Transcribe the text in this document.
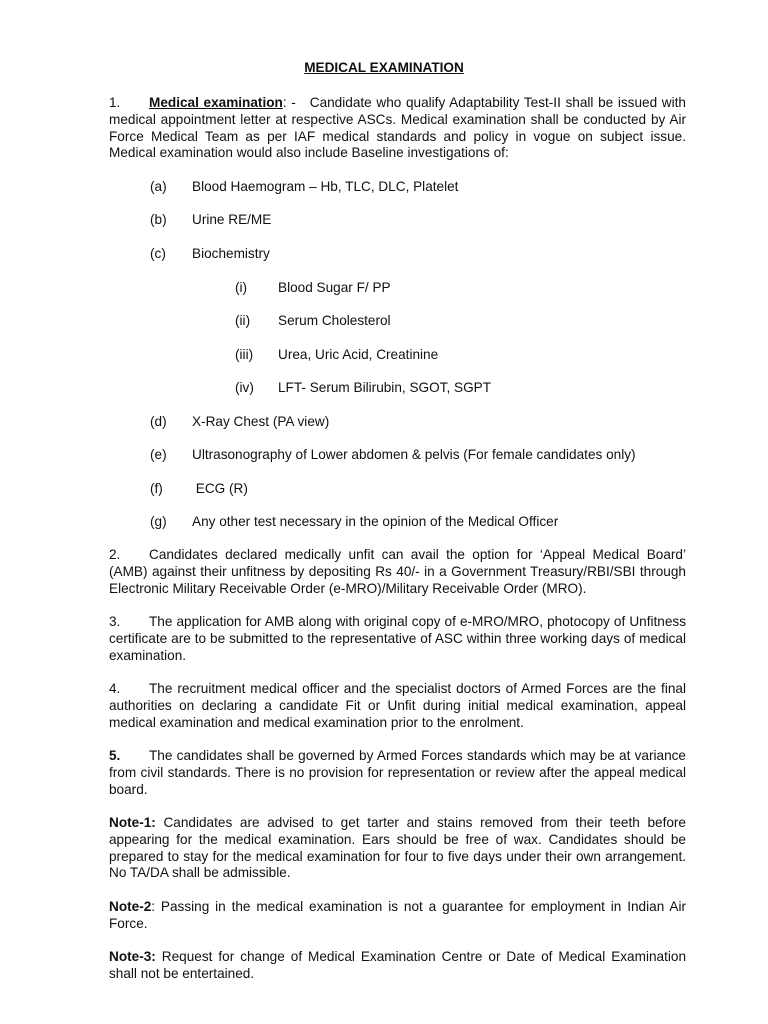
MEDICAL EXAMINATION

1. Medical examination: - Candidate who qualify Adaptability Test-II shall be issued with medical appointment letter at respective ASCs. Medical examination shall be conducted by Air Force Medical Team as per IAF medical standards and policy in vogue on subject issue. Medical examination would also include Baseline investigations of:

(a) Blood Haemogram – Hb, TLC, DLC, Platelet
(b) Urine RE/ME
(c) Biochemistry
(i) Blood Sugar F/ PP
(ii) Serum Cholesterol
(iii) Urea, Uric Acid, Creatinine
(iv) LFT- Serum Bilirubin, SGOT, SGPT
(d) X-Ray Chest (PA view)
(e) Ultrasonography of Lower abdomen & pelvis (For female candidates only)
(f) ECG (R)
(g) Any other test necessary in the opinion of the Medical Officer

2. Candidates declared medically unfit can avail the option for ‘Appeal Medical Board’ (AMB) against their unfitness by depositing Rs 40/- in a Government Treasury/RBI/SBI through Electronic Military Receivable Order (e-MRO)/Military Receivable Order (MRO).

3. The application for AMB along with original copy of e-MRO/MRO, photocopy of Unfitness certificate are to be submitted to the representative of ASC within three working days of medical examination.

4. The recruitment medical officer and the specialist doctors of Armed Forces are the final authorities on declaring a candidate Fit or Unfit during initial medical examination, appeal medical examination and medical examination prior to the enrolment.

5. The candidates shall be governed by Armed Forces standards which may be at variance from civil standards. There is no provision for representation or review after the appeal medical board.

Note-1: Candidates are advised to get tarter and stains removed from their teeth before appearing for the medical examination. Ears should be free of wax. Candidates should be prepared to stay for the medical examination for four to five days under their own arrangement. No TA/DA shall be admissible.

Note-2: Passing in the medical examination is not a guarantee for employment in Indian Air Force.

Note-3: Request for change of Medical Examination Centre or Date of Medical Examination shall not be entertained.
